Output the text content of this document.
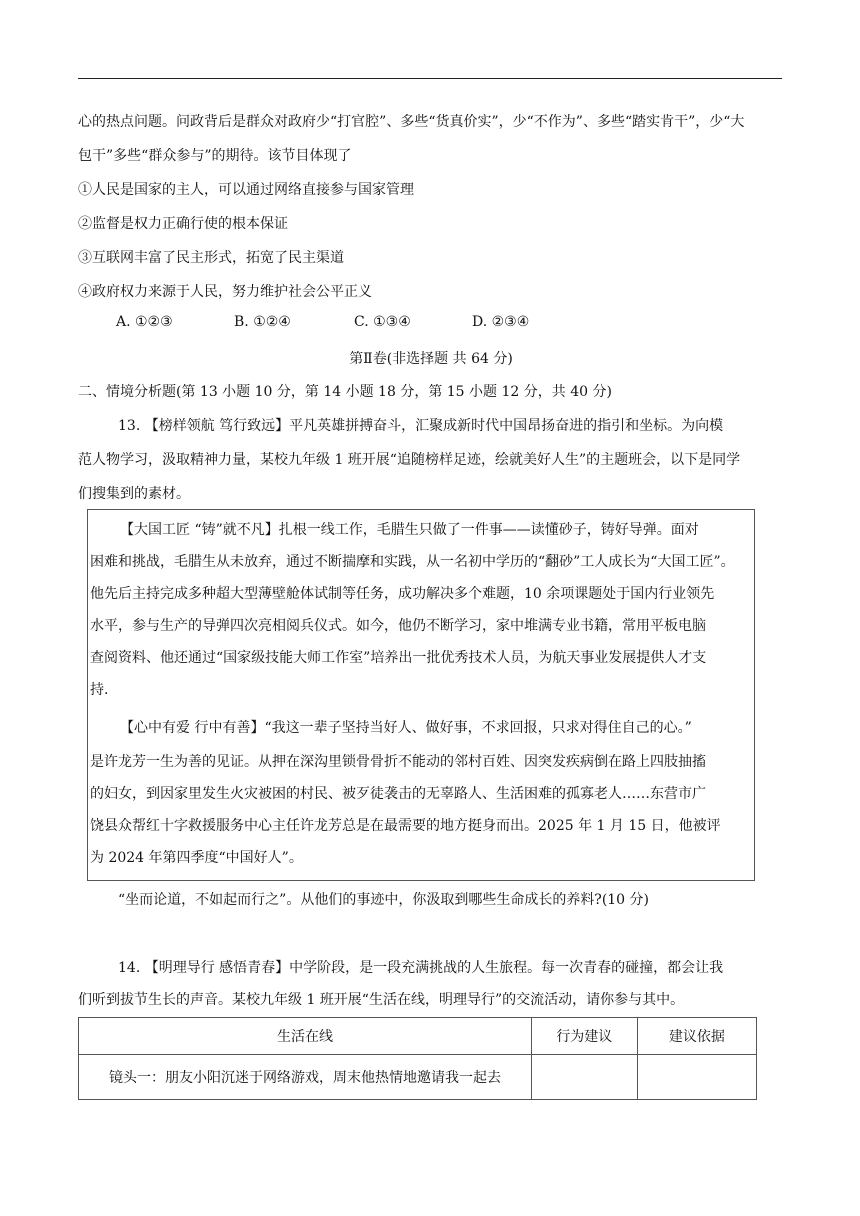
心的热点问题。问政背后是群众对政府少“打官腔”、多些“货真价实”，少“不作为”、多些“踏实肯干”，少“大
包干”多些“群众参与”的期待。该节目体现了
①人民是国家的主人，可以通过网络直接参与国家管理
②监督是权力正确行使的根本保证
③互联网丰富了民主形式，拓宽了民主渠道
④政府权力来源于人民，努力维护社会公平正义
A. ①②③	B. ①②④	C. ①③④	D. ②③④
第Ⅱ卷(非选择题 共 64 分)
二、情境分析题(第 13 小题 10 分，第 14 小题 18 分，第 15 小题 12 分，共 40 分)
13. 【榜样领航 笃行致远】平凡英雄拼搏奋斗，汇聚成新时代中国昂扬奋进的指引和坐标。为向模
范人物学习，汲取精神力量，某校九年级 1 班开展“追随榜样足迹，绘就美好人生”的主题班会，以下是同学
们搜集到的素材。
【大国工匠 “铸”就不凡】扎根一线工作，毛腊生只做了一件事——读懂砂子，铸好导弹。面对
困难和挑战，毛腊生从未放弃，通过不断揣摩和实践，从一名初中学历的“翻砂”工人成长为“大国工匠”。
他先后主持完成多种超大型薄壁舱体试制等任务，成功解决多个难题，10 余项课题处于国内行业领先
水平，参与生产的导弹四次亮相阅兵仪式。如今，他仍不断学习，家中堆满专业书籍，常用平板电脑
查阅资料、他还通过“国家级技能大师工作室”培养出一批优秀技术人员，为航天事业发展提供人才支
持.
【心中有爱 行中有善】“我这一辈子坚持当好人、做好事，不求回报，只求对得住自己的心。”
是许龙芳一生为善的见证。从押在深沟里锁骨骨折不能动的邻村百姓、因突发疾病倒在路上四肢抽搐
的妇女，到因家里发生火灾被困的村民、被歹徒袭击的无辜路人、生活困难的孤寡老人……东营市广
饶县众帮红十字救援服务中心主任许龙芳总是在最需要的地方挺身而出。2025 年 1 月 15 日，他被评
为 2024 年第四季度“中国好人”。
“坐而论道，不如起而行之”。从他们的事迹中，你汲取到哪些生命成长的养料?(10 分)
14. 【明理导行 感悟青春】中学阶段，是一段充满挑战的人生旅程。每一次青春的碰撞，都会让我
们听到拔节生长的声音。某校九年级 1 班开展“生活在线，明理导行”的交流活动，请你参与其中。
生活在线	行为建议	建议依据
镜头一：朋友小阳沉迷于网络游戏，周末他热情地邀请我一起去		
